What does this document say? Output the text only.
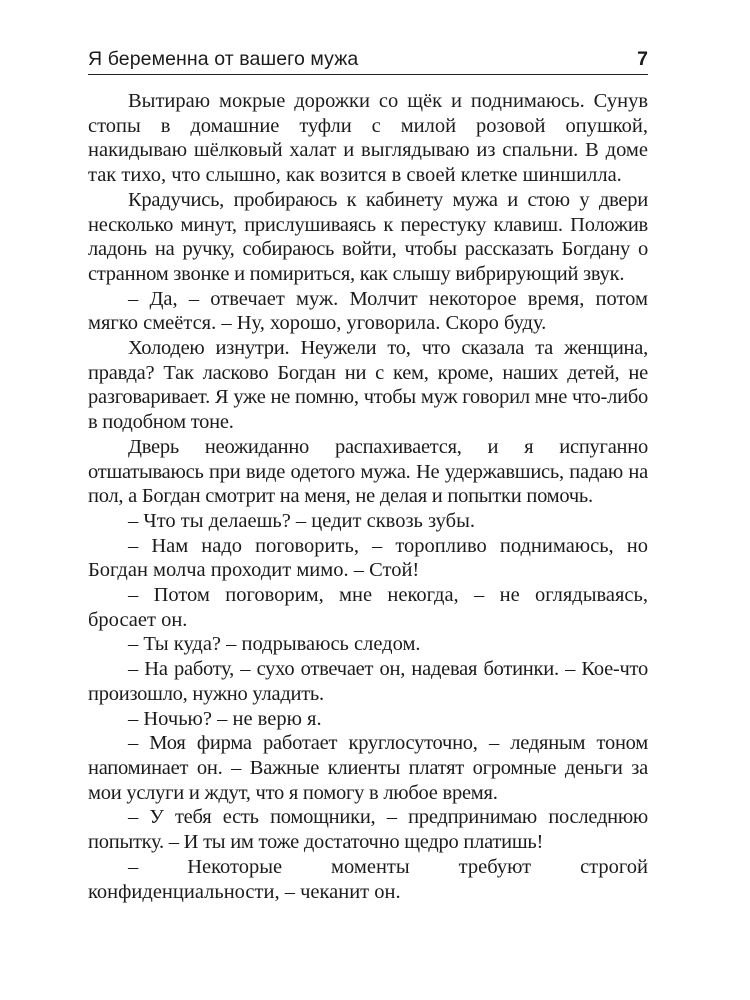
Я беременна от вашего мужа	7

Вытираю мокрые дорожки со щёк и поднимаюсь. Сунув стопы в домашние туфли с милой розовой опушкой, накидываю шёлковый халат и выглядываю из спальни. В доме так тихо, что слышно, как возится в своей клетке шиншилла.

Крадучись, пробираюсь к кабинету мужа и стою у двери несколько минут, прислушиваясь к перестуку клавиш. Положив ладонь на ручку, собираюсь войти, чтобы рассказать Богдану о странном звонке и помириться, как слышу вибрирующий звук.

– Да, – отвечает муж. Молчит некоторое время, потом мягко смеётся. – Ну, хорошо, уговорила. Скоро буду.

Холодею изнутри. Неужели то, что сказала та женщина, правда? Так ласково Богдан ни с кем, кроме, наших детей, не разговаривает. Я уже не помню, чтобы муж говорил мне что-либо в подобном тоне.

Дверь неожиданно распахивается, и я испуганно отшатываюсь при виде одетого мужа. Не удержавшись, падаю на пол, а Богдан смотрит на меня, не делая и попытки помочь.

– Что ты делаешь? – цедит сквозь зубы.

– Нам надо поговорить, – торопливо поднимаюсь, но Богдан молча проходит мимо. – Стой!

– Потом поговорим, мне некогда, – не оглядываясь, бросает он.

– Ты куда? – подрываюсь следом.

– На работу, – сухо отвечает он, надевая ботинки. – Кое-что произошло, нужно уладить.

– Ночью? – не верю я.

– Моя фирма работает круглосуточно, – ледяным тоном напоминает он. – Важные клиенты платят огромные деньги за мои услуги и ждут, что я помогу в любое время.

– У тебя есть помощники, – предпринимаю последнюю попытку. – И ты им тоже достаточно щедро платишь!

– Некоторые моменты требуют строгой конфиденциальности, – чеканит он.
